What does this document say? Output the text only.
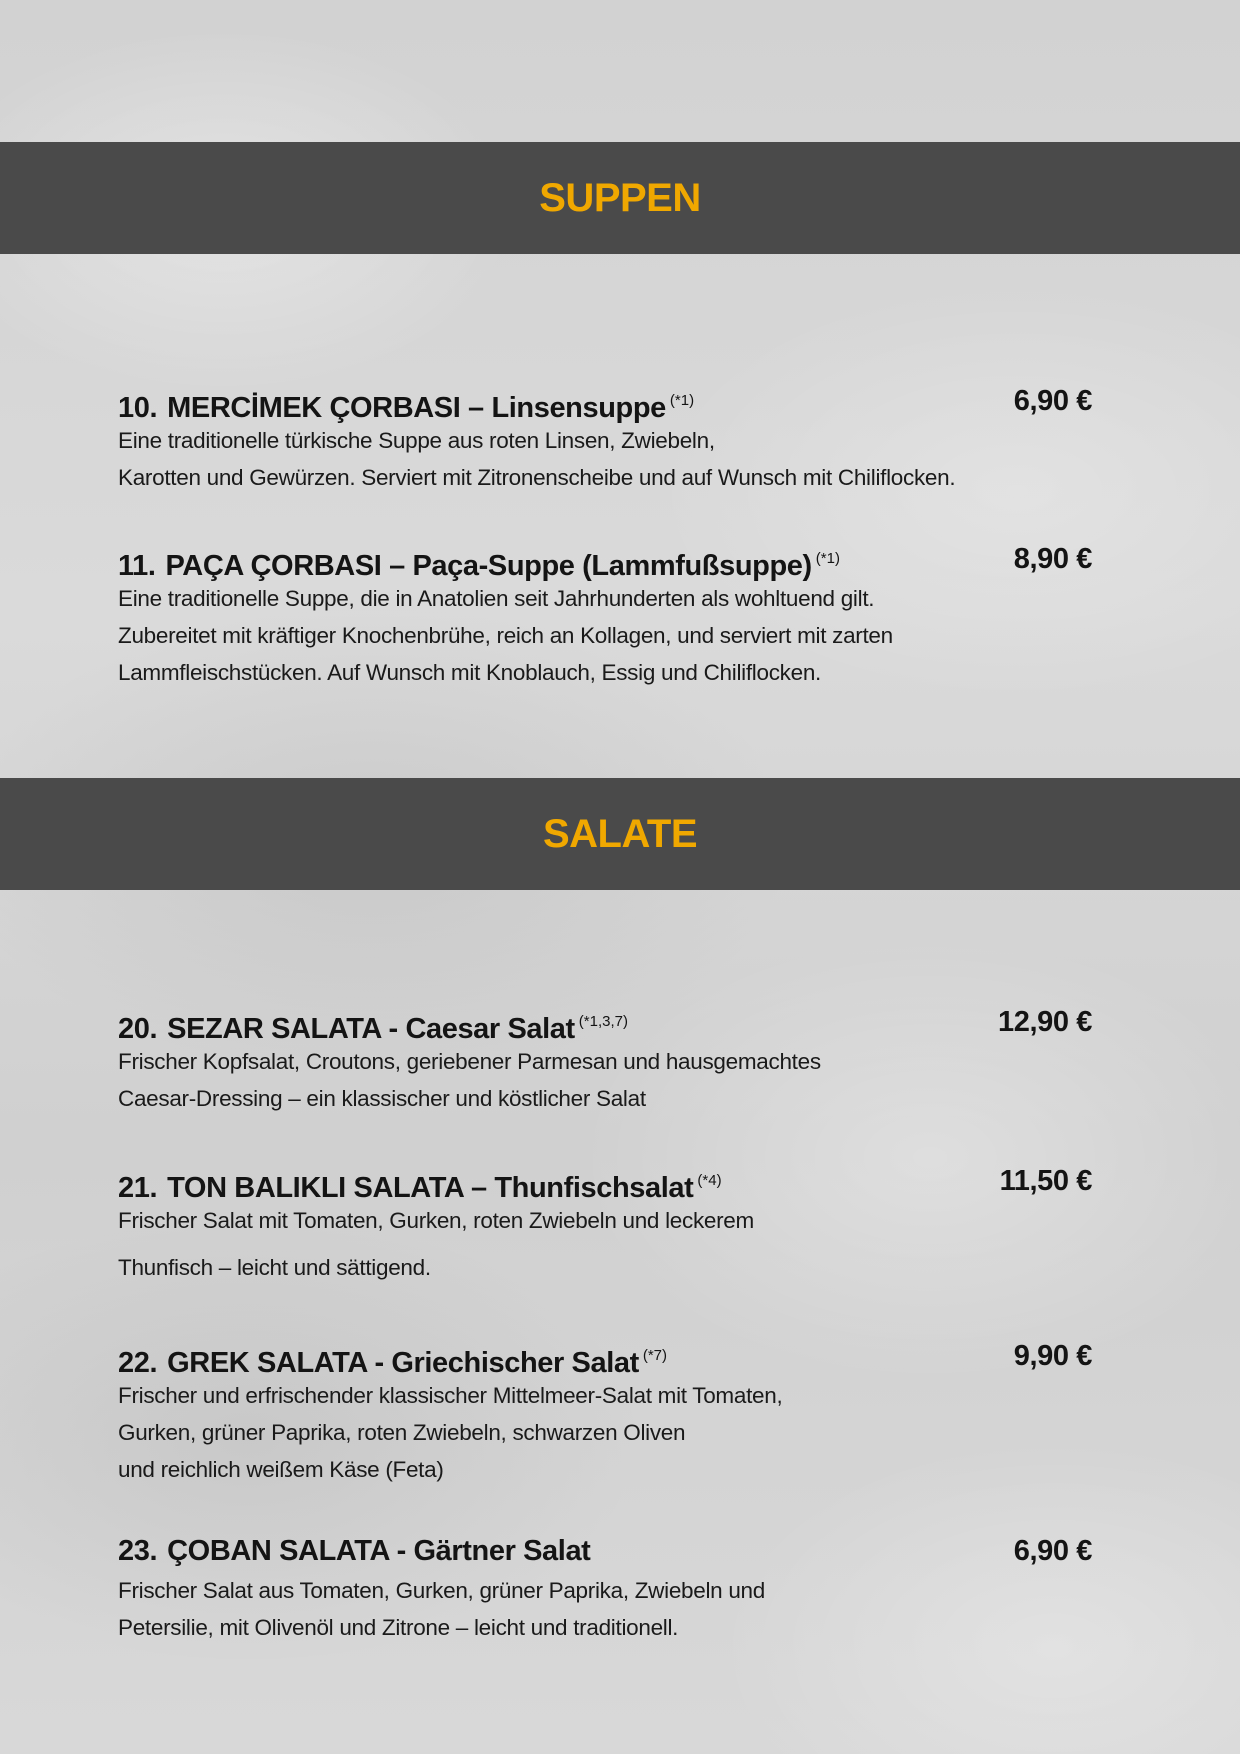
SUPPEN
10. MERCİMEK ÇORBASI – Linsensuppe $^{(*1)}$	6,90 €
Eine traditionelle türkische Suppe aus roten Linsen, Zwiebeln,
Karotten und Gewürzen. Serviert mit Zitronenscheibe und auf Wunsch mit Chiliflocken.
11. PAÇA ÇORBASI – Paça-Suppe (Lammfußsuppe) $^{(*1)}$	8,90 €
Eine traditionelle Suppe, die in Anatolien seit Jahrhunderten als wohltuend gilt.
Zubereitet mit kräftiger Knochenbrühe, reich an Kollagen, und serviert mit zarten
Lammfleischstücken. Auf Wunsch mit Knoblauch, Essig und Chiliflocken.
SALATE
20. SEZAR SALATA - Caesar Salat $^{(*1,3,7)}$	12,90 €
Frischer Kopfsalat, Croutons, geriebener Parmesan und hausgemachtes
Caesar-Dressing – ein klassischer und köstlicher Salat
21. TON BALIKLI SALATA – Thunfischsalat $^{(*4)}$	11,50 €
Frischer Salat mit Tomaten, Gurken, roten Zwiebeln und leckerem
Thunfisch – leicht und sättigend.
22. GREK SALATA - Griechischer Salat $^{(*7)}$	9,90 €
Frischer und erfrischender klassischer Mittelmeer-Salat mit Tomaten,
Gurken, grüner Paprika, roten Zwiebeln, schwarzen Oliven
und reichlich weißem Käse (Feta)
23. ÇOBAN SALATA - Gärtner Salat	6,90 €
Frischer Salat aus Tomaten, Gurken, grüner Paprika, Zwiebeln und
Petersilie, mit Olivenöl und Zitrone – leicht und traditionell.
